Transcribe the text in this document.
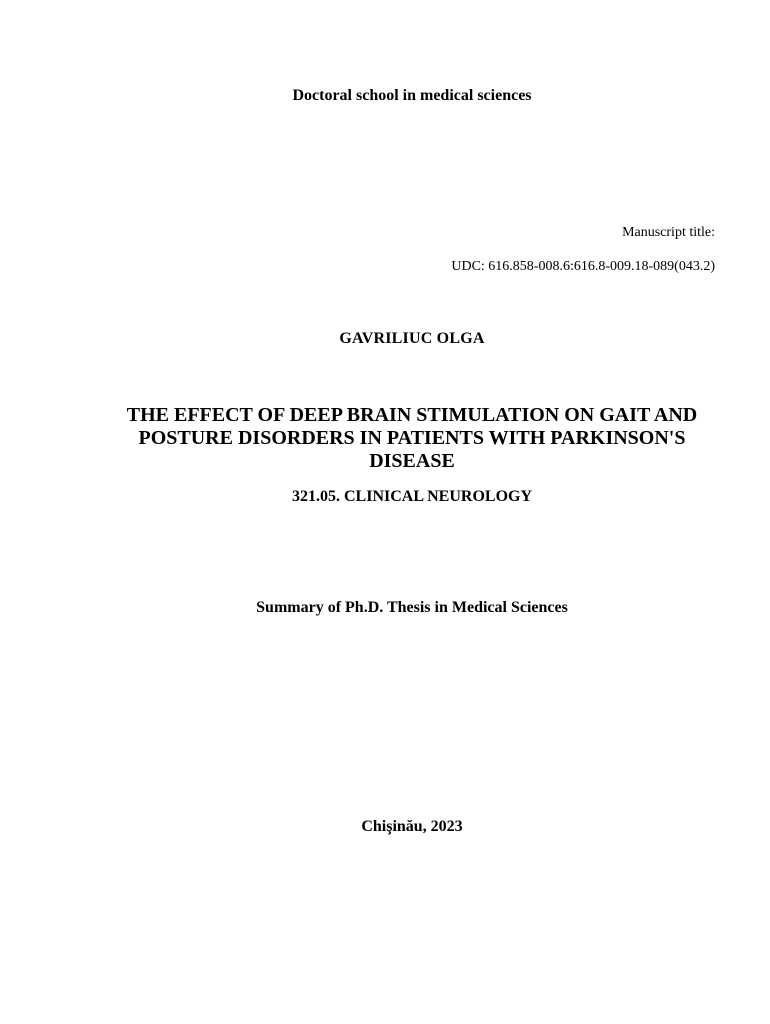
Doctoral school in medical sciences

Manuscript title:

UDC: 616.858-008.6:616.8-009.18-089(043.2)

GAVRILIUC OLGA

THE EFFECT OF DEEP BRAIN STIMULATION ON GAIT AND
POSTURE DISORDERS IN PATIENTS WITH PARKINSON'S
DISEASE

321.05. CLINICAL NEUROLOGY

Summary of Ph.D. Thesis in Medical Sciences

Chişinău, 2023
